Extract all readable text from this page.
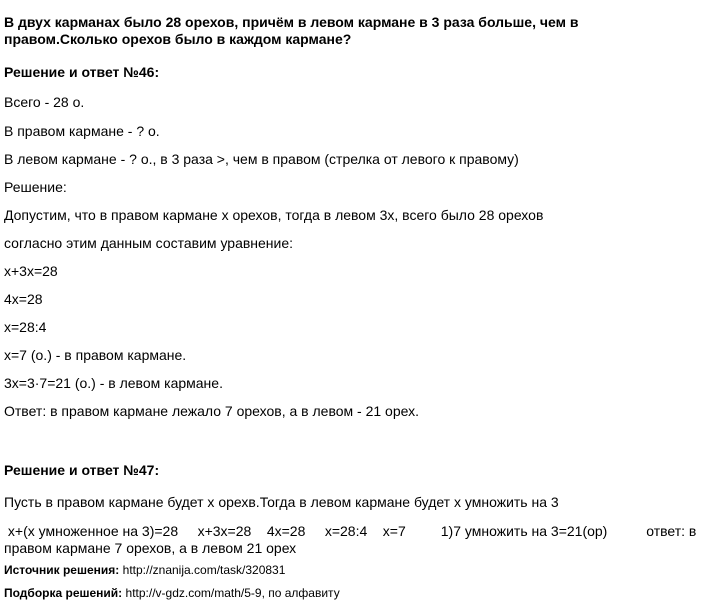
В двух карманах было 28 орехов, причём в левом кармане в 3 раза больше, чем в
правом.Сколько орехов было в каждом кармане?
Решение и ответ №46:
Всего - 28 о.
В правом кармане - ? о.
В левом кармане - ? о., в 3 раза >, чем в правом (стрелка от левого к правому)
Решение:
Допустим, что в правом кармане х орехов, тогда в левом 3х, всего было 28 орехов
согласно этим данным составим уравнение:
х+3х=28
4х=28
х=28:4
х=7 (о.) - в правом кармане.
3х=3·7=21 (о.) - в левом кармане.
Ответ: в правом кармане лежало 7 орехов, а в левом - 21 орех.
Решение и ответ №47:
Пусть в правом кармане будет х орехв.Тогда в левом кармане будет х умножить на 3
х+(х умноженное на 3)=28     х+3х=28    4х=28     х=28:4    х=7         1)7 умножить на 3=21(ор)          ответ: в
правом кармане 7 орехов, а в левом 21 орех
Источник решения: http://znanija.com/task/320831
Подборка решений: http://v-gdz.com/math/5-9, по алфавиту
